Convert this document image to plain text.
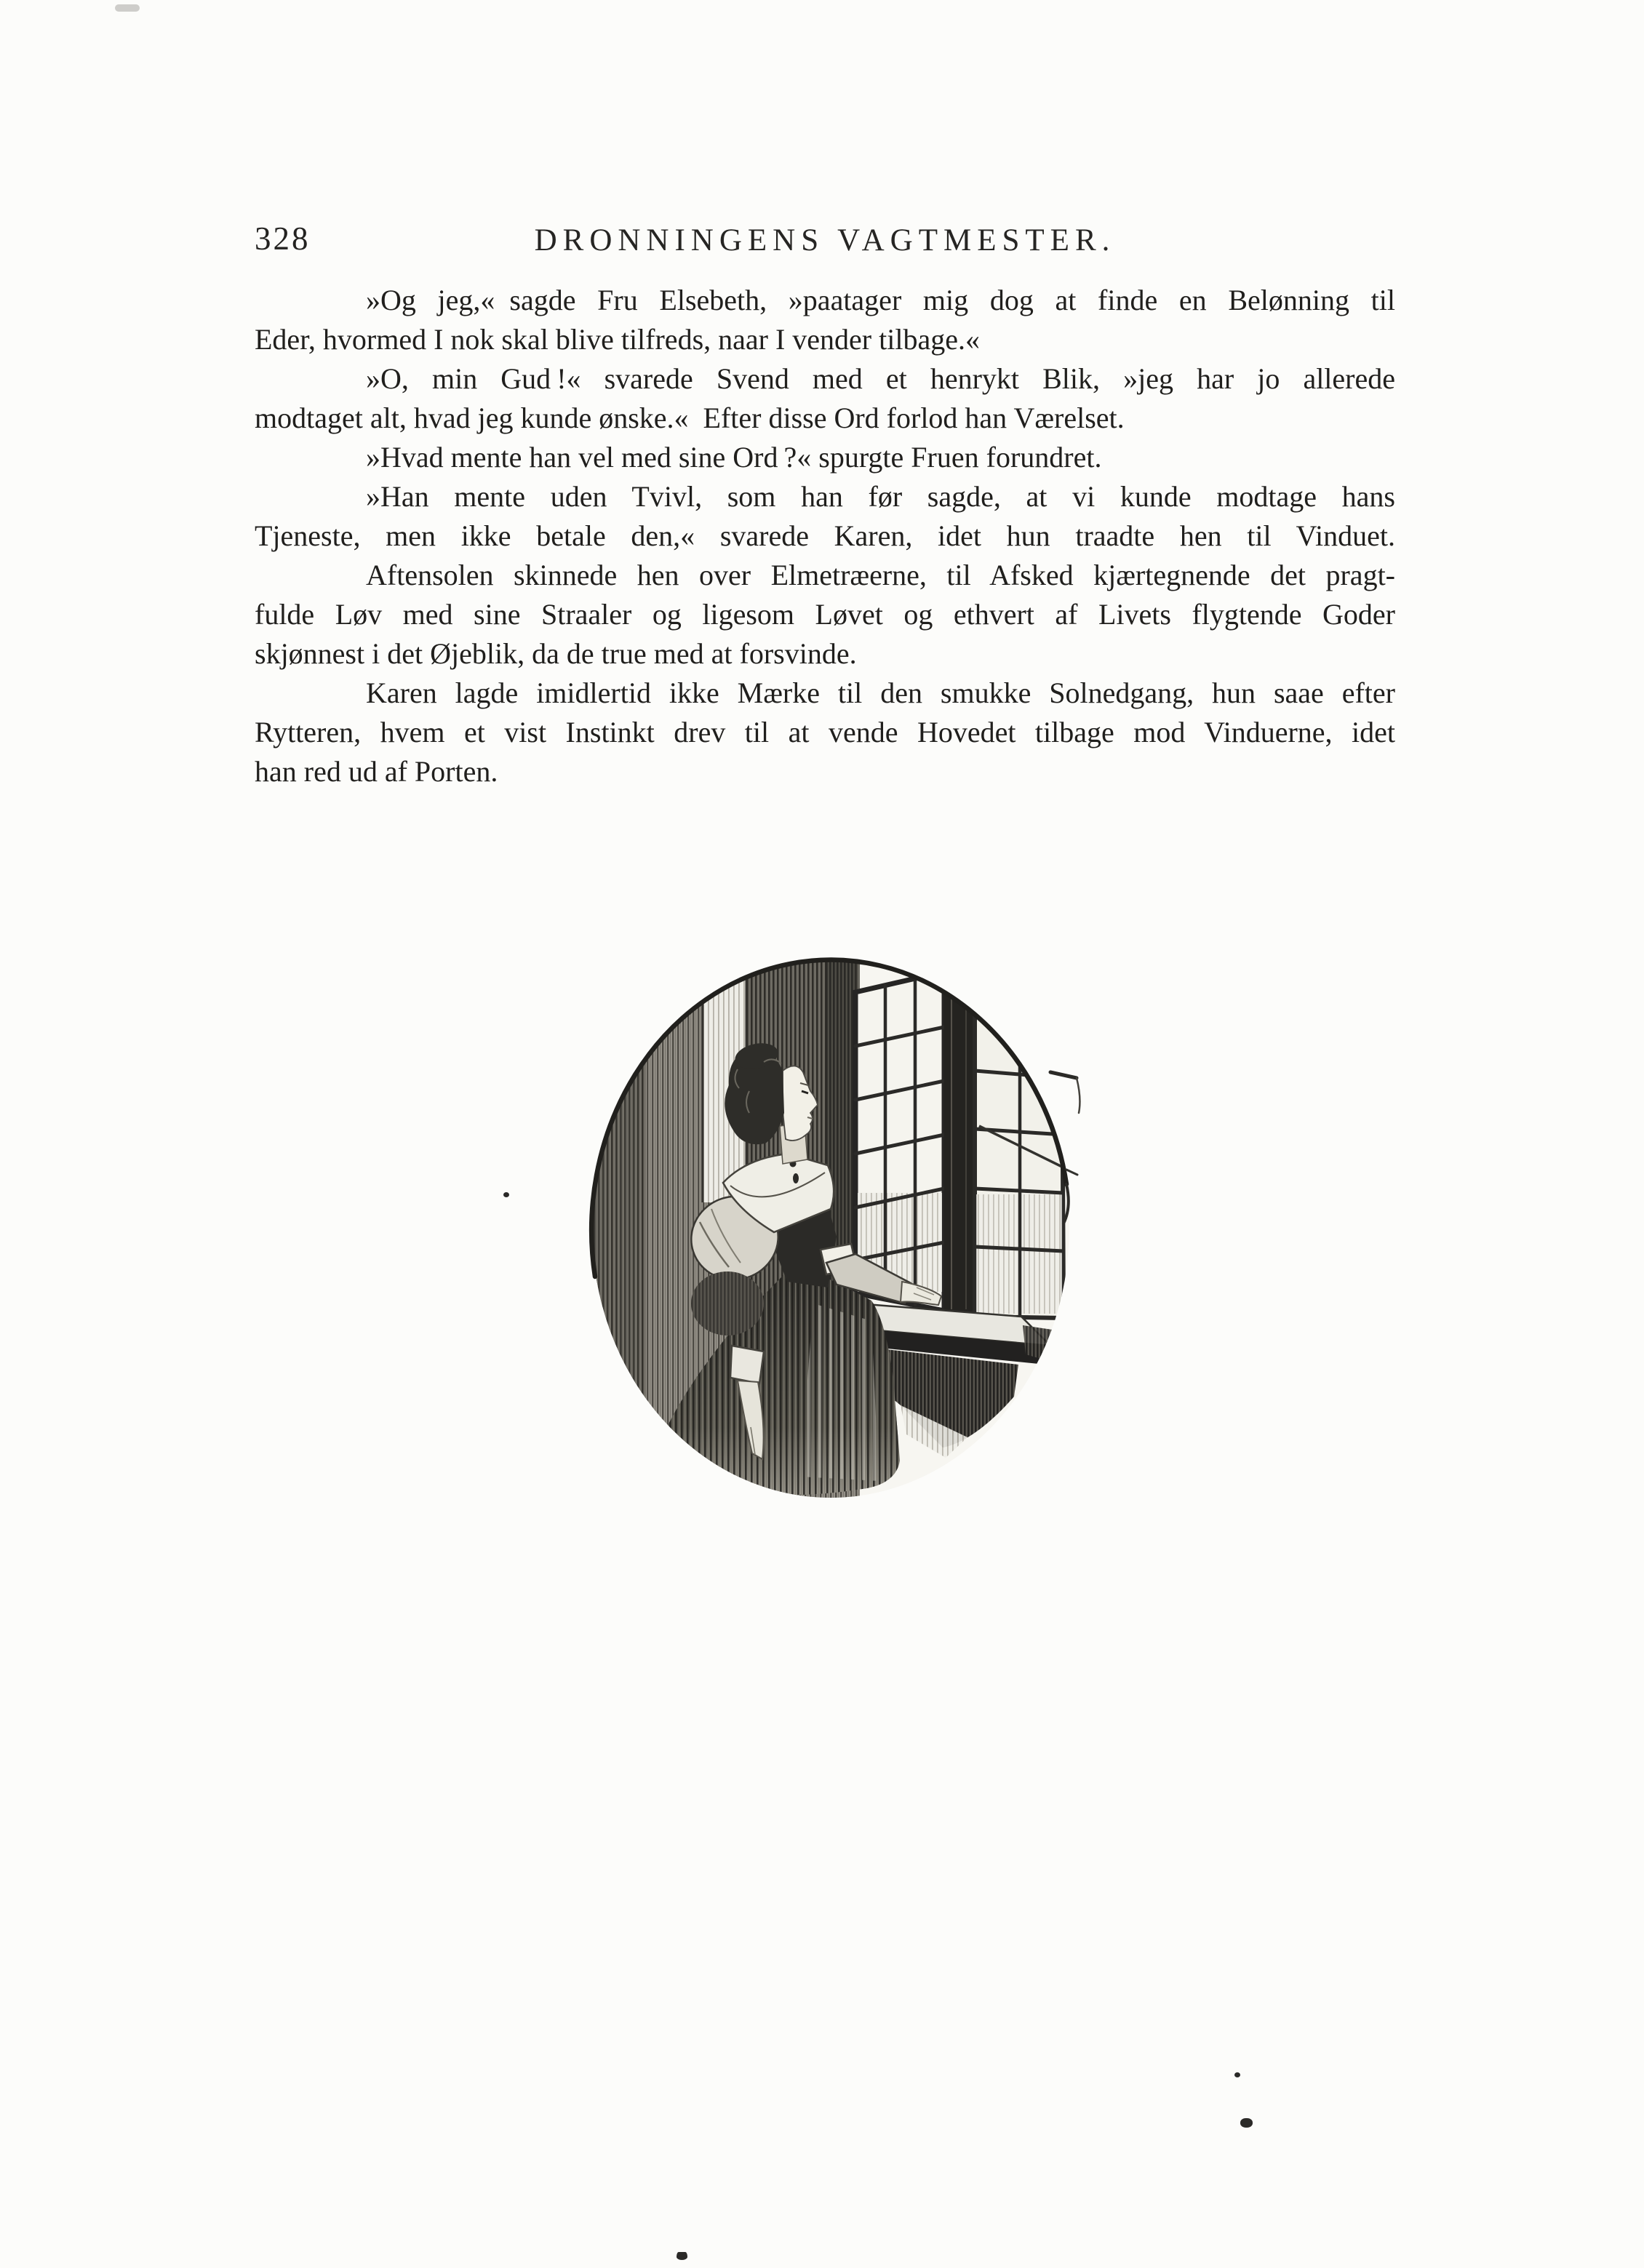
328	DRONNINGENS VAGTMESTER.
»Og jeg,« sagde Fru Elsebeth, »paatager mig dog at finde en Belønning til
Eder, hvormed I nok skal blive tilfreds, naar I vender tilbage.«
»O, min Gud !« svarede Svend med et henrykt Blik, »jeg har jo allerede
modtaget alt, hvad jeg kunde ønske.« Efter disse Ord forlod han Værelset.
»Hvad mente han vel med sine Ord ?« spurgte Fruen forundret.
»Han mente uden Tvivl, som han før sagde, at vi kunde modtage hans
Tjeneste, men ikke betale den,« svarede Karen, idet hun traadte hen til Vinduet.
Aftensolen skinnede hen over Elmetræerne, til Afsked kjærtegnende det pragt-
fulde Løv med sine Straaler og ligesom Løvet og ethvert af Livets flygtende Goder
skjønnest i det Øjeblik, da de true med at forsvinde.
Karen lagde imidlertid ikke Mærke til den smukke Solnedgang, hun saae efter
Rytteren, hvem et vist Instinkt drev til at vende Hovedet tilbage mod Vinduerne, idet
han red ud af Porten.
